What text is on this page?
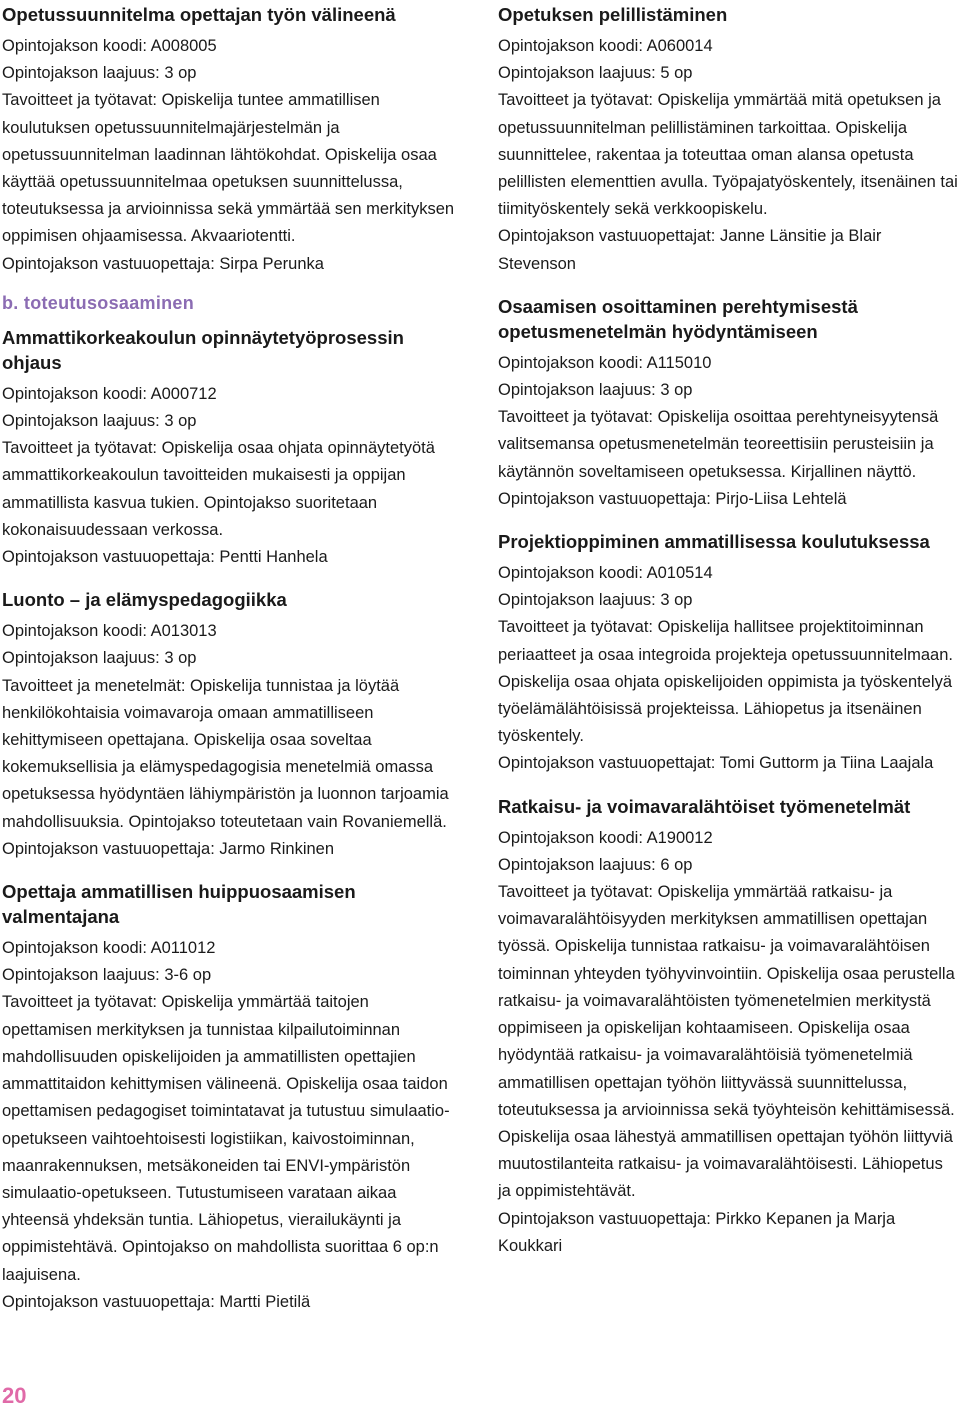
Opetussuunnitelma opettajan työn välineenä

Opintojakson koodi: A008005

Opintojakson laajuus: 3 op

Tavoitteet ja työtavat: Opiskelija tuntee ammatillisen koulutuksen opetussuunnitelmajärjestelmän ja opetussuunnitelman laadinnan lähtökohdat. Opiskelija osaa käyttää opetussuunnitelmaa opetuksen suunnittelussa, toteutuksessa ja arvioinnissa sekä ymmärtää sen merkityksen oppimisen ohjaamisessa. Akvaariotentti.

Opintojakson vastuuopettaja: Sirpa Perunka

b. toteutusosaaminen
Ammattikorkeakoulun opinnäytetyöprosessin ohjaus

Opintojakson koodi: A000712

Opintojakson laajuus: 3 op

Tavoitteet ja työtavat: Opiskelija osaa ohjata opinnäytetyötä ammattikorkeakoulun tavoitteiden mukaisesti ja oppijan ammatillista kasvua tukien. Opintojakso suoritetaan kokonaisuudessaan verkossa.

Opintojakson vastuuopettaja: Pentti Hanhela

Luonto – ja elämyspedagogiikka

Opintojakson koodi: A013013

Opintojakson laajuus: 3 op

Tavoitteet ja menetelmät: Opiskelija tunnistaa ja löytää henkilökohtaisia voimavaroja omaan ammatilliseen kehittymiseen opettajana. Opiskelija osaa soveltaa kokemuksellisia ja elämyspedagogisia menetelmiä omassa opetuksessa hyödyntäen lähiympäristön ja luonnon tarjoamia mahdollisuuksia. Opintojakso toteutetaan vain Rovaniemellä.

Opintojakson vastuuopettaja: Jarmo Rinkinen

Opettaja ammatillisen huippuosaamisen valmentajana

Opintojakson koodi: A011012

Opintojakson laajuus: 3-6 op

Tavoitteet ja työtavat: Opiskelija ymmärtää taitojen opettamisen merkityksen ja tunnistaa kilpailutoiminnan mahdollisuuden opiskelijoiden ja ammatillisten opettajien ammattitaidon kehittymisen välineenä. Opiskelija osaa taidon opettamisen pedagogiset toimintatavat ja tutustuu simulaatio-opetukseen vaihtoehtoisesti logistiikan, kaivostoiminnan, maanrakennuksen, metsäkoneiden tai ENVI-ympäristön simulaatio-opetukseen. Tutustumiseen varataan aikaa yhteensä yhdeksän tuntia. Lähiopetus, vierailukäynti ja oppimistehtävä. Opintojakso on mahdollista suorittaa 6 op:n laajuisena.

Opintojakson vastuuopettaja: Martti Pietilä

Opetuksen pelillistäminen

Opintojakson koodi: A060014

Opintojakson laajuus: 5 op

Tavoitteet ja työtavat: Opiskelija ymmärtää mitä opetuksen ja opetussuunnitelman pelillistäminen tarkoittaa. Opiskelija suunnittelee, rakentaa ja toteuttaa oman alansa opetusta pelillisten elementtien avulla. Työpajatyöskentely, itsenäinen tai tiimityöskentely sekä verkkoopiskelu.

Opintojakson vastuuopettajat: Janne Länsitie ja Blair Stevenson

Osaamisen osoittaminen perehtymisestä opetusmenetelmän hyödyntämiseen

Opintojakson koodi: A115010

Opintojakson laajuus: 3 op

Tavoitteet ja työtavat: Opiskelija osoittaa perehtyneisyytensä valitsemansa opetusmenetelmän teoreettisiin perusteisiin ja käytännön soveltamiseen opetuksessa. Kirjallinen näyttö.

Opintojakson vastuuopettaja: Pirjo-Liisa Lehtelä

Projektioppiminen ammatillisessa koulutuksessa

Opintojakson koodi: A010514

Opintojakson laajuus: 3 op

Tavoitteet ja työtavat: Opiskelija hallitsee projektitoiminnan periaatteet ja osaa integroida projekteja opetussuunnitelmaan. Opiskelija osaa ohjata opiskelijoiden oppimista ja työskentelyä työelämälähtöisissä projekteissa. Lähiopetus ja itsenäinen työskentely.

Opintojakson vastuuopettajat: Tomi Guttorm ja Tiina Laajala

Ratkaisu- ja voimavaralähtöiset työmenetelmät

Opintojakson koodi: A190012

Opintojakson laajuus: 6 op

Tavoitteet ja työtavat: Opiskelija ymmärtää ratkaisu- ja voimavaralähtöisyyden merkityksen ammatillisen opettajan työssä. Opiskelija tunnistaa ratkaisu- ja voimavaralähtöisen toiminnan yhteyden työhyvinvointiin. Opiskelija osaa perustella ratkaisu- ja voimavaralähtöisten työmenetelmien merkitystä oppimiseen ja opiskelijan kohtaamiseen. Opiskelija osaa hyödyntää ratkaisu- ja voimavaralähtöisiä työmenetelmiä ammatillisen opettajan työhön liittyvässä suunnittelussa, toteutuksessa ja arvioinnissa sekä työyhteisön kehittämisessä. Opiskelija osaa lähestyä ammatillisen opettajan työhön liittyviä muutostilanteita ratkaisu- ja voimavaralähtöisesti. Lähiopetus ja oppimistehtävät.

Opintojakson vastuuopettaja: Pirkko Kepanen ja Marja Koukkari

20
